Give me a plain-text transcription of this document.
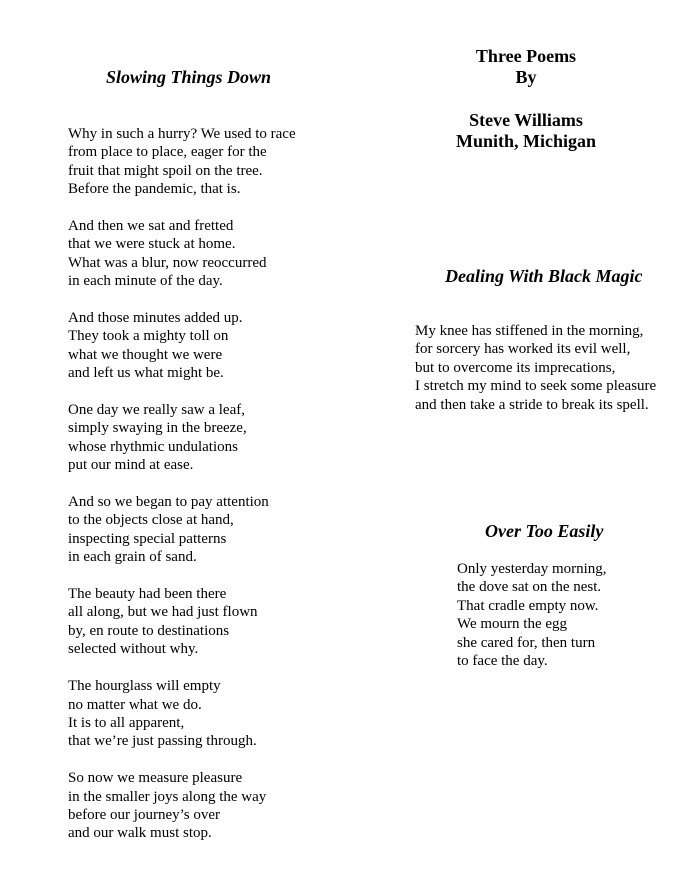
Three Poems
By
Steve Williams
Munith, Michigan
Slowing Things Down
Why in such a hurry? We used to race
from place to place, eager for the
fruit that might spoil on the tree.
Before the pandemic, that is.
And then we sat and fretted
that we were stuck at home.
What was a blur, now reoccurred
in each minute of the day.
And those minutes added up.
They took a mighty toll on
what we thought we were
and left us what might be.
One day we really saw a leaf,
simply swaying in the breeze,
whose rhythmic undulations
put our mind at ease.
And so we began to pay attention
to the objects close at hand,
inspecting special patterns
in each grain of sand.
The beauty had been there
all along, but we had just flown
by, en route to destinations
selected without why.
The hourglass will empty
no matter what we do.
It is to all apparent,
that we’re just passing through.
So now we measure pleasure
in the smaller joys along the way
before our journey’s over
and our walk must stop.
Dealing With Black Magic
My knee has stiffened in the morning,
for sorcery has worked its evil well,
but to overcome its imprecations,
I stretch my mind to seek some pleasure
and then take a stride to break its spell.
Over Too Easily
Only yesterday morning,
the dove sat on the nest.
That cradle empty now.
We mourn the egg
she cared for, then turn
to face the day.
